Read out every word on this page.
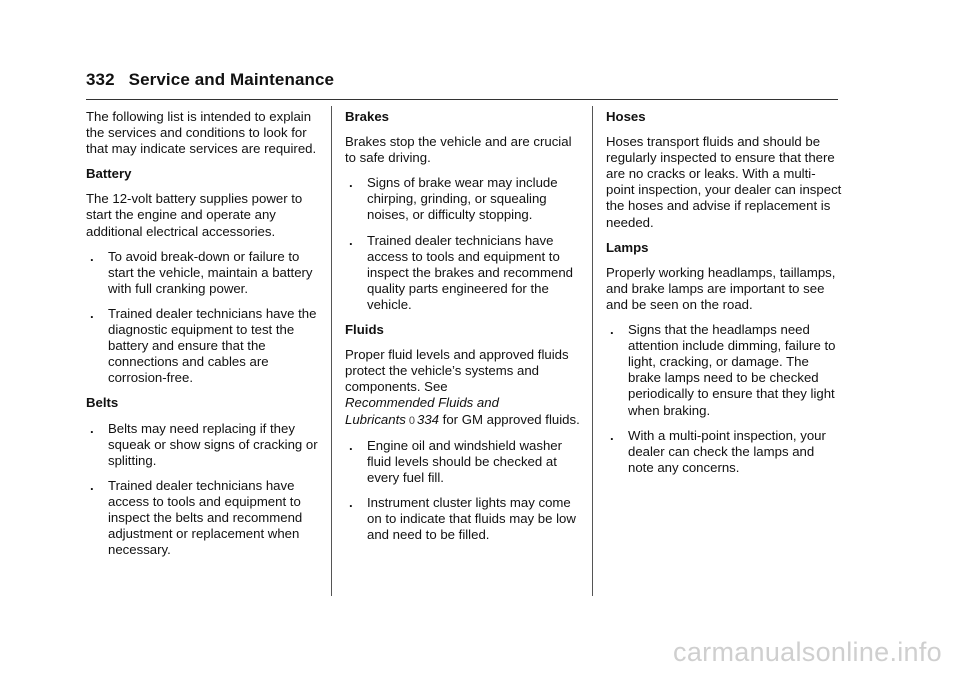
332 Service and Maintenance

The following list is intended to explain the services and conditions to look for that may indicate services are required.

Battery

The 12-volt battery supplies power to start the engine and operate any additional electrical accessories.

. To avoid break-down or failure to start the vehicle, maintain a battery with full cranking power.
. Trained dealer technicians have the diagnostic equipment to test the battery and ensure that the connections and cables are corrosion-free.
Belts
. Belts may need replacing if they squeak or show signs of cracking or splitting.
. Trained dealer technicians have access to tools and equipment to inspect the belts and recommend adjustment or replacement when necessary.
Brakes

Brakes stop the vehicle and are crucial to safe driving.

. Signs of brake wear may include chirping, grinding, or squealing noises, or difficulty stopping.
. Trained dealer technicians have access to tools and equipment to inspect the brakes and recommend quality parts engineered for the vehicle.
Fluids

Proper fluid levels and approved fluids protect the vehicle’s systems and components. See
Recommended Fluids and Lubricants 0 334 for GM approved fluids.

. Engine oil and windshield washer fluid levels should be checked at every fuel fill.
. Instrument cluster lights may come on to indicate that fluids may be low and need to be filled.
Hoses

Hoses transport fluids and should be regularly inspected to ensure that there are no cracks or leaks. With a multi-point inspection, your dealer can inspect the hoses and advise if replacement is needed.

Lamps

Properly working headlamps, taillamps, and brake lamps are important to see and be seen on the road.

. Signs that the headlamps need attention include dimming, failure to light, cracking, or damage. The brake lamps need to be checked periodically to ensure that they light when braking.
. With a multi-point inspection, your dealer can check the lamps and note any concerns.
carmanualsonline.info
